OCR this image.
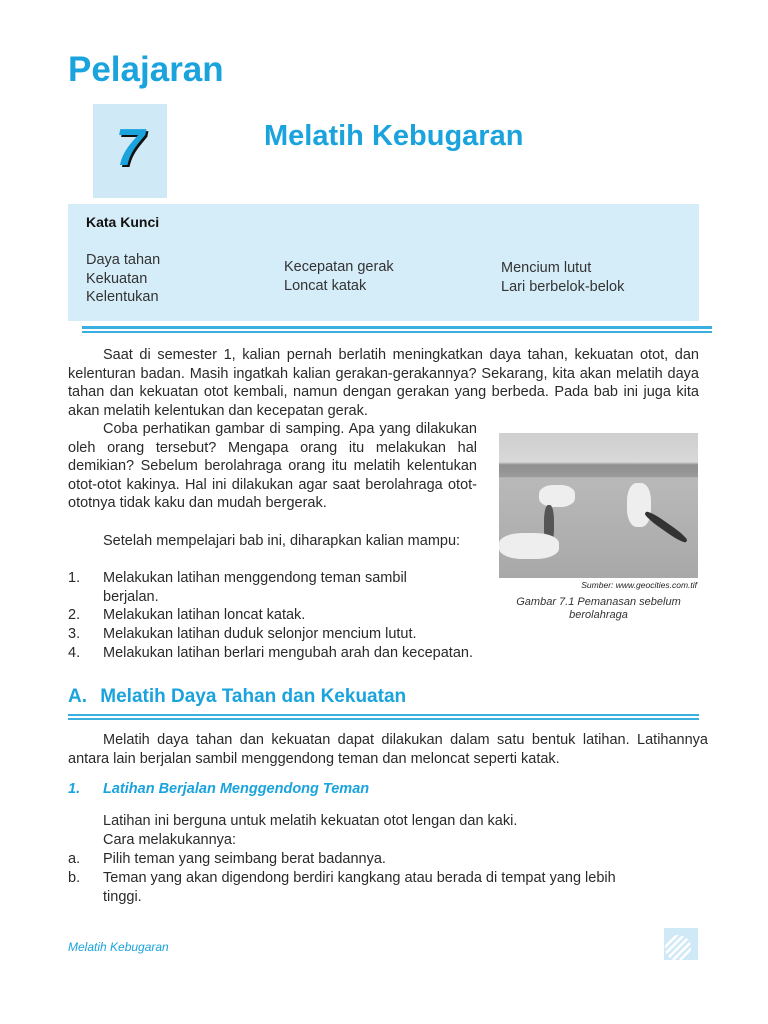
Pelajaran
7	Melatih Kebugaran
Kata Kunci
Daya tahan
Kekuatan
Kelentukan
Kecepatan gerak
Loncat katak
Mencium lutut
Lari berbelok-belok
Saat di semester 1, kalian pernah berlatih meningkatkan daya tahan, kekuatan otot, dan kelenturan badan. Masih ingatkah kalian gerakan-gerakannya? Sekarang, kita akan melatih daya tahan dan kekuatan otot kembali, namun dengan gerakan yang berbeda. Pada bab ini juga kita akan melatih kelentukan dan kecepatan gerak.
Coba perhatikan gambar di samping. Apa yang dilakukan oleh orang tersebut? Mengapa orang itu melakukan hal demikian? Sebelum berolahraga orang itu melatih kelentukan otot-otot kakinya. Hal ini dilakukan agar saat berolahraga otot-ototnya tidak kaku dan mudah bergerak.
Setelah mempelajari bab ini, diharapkan kalian mampu:
1. Melakukan latihan menggendong teman sambil
berjalan.
2. Melakukan latihan loncat katak.
3. Melakukan latihan duduk selonjor mencium lutut.
4. Melakukan latihan berlari mengubah arah dan kecepatan.
Sumber: www.geocities.com.tif
Gambar 7.1 Pemanasan sebelum berolahraga
A. Melatih Daya Tahan dan Kekuatan
Melatih daya tahan dan kekuatan dapat dilakukan dalam satu bentuk latihan. Latihannya antara lain berjalan sambil menggendong teman dan meloncat seperti katak.
1. Latihan Berjalan Menggendong Teman
Latihan ini berguna untuk melatih kekuatan otot lengan dan kaki.
Cara melakukannya:
a. Pilih teman yang seimbang berat badannya.
b. Teman yang akan digendong berdiri kangkang atau berada di tempat yang lebih
tinggi.
Melatih Kebugaran
